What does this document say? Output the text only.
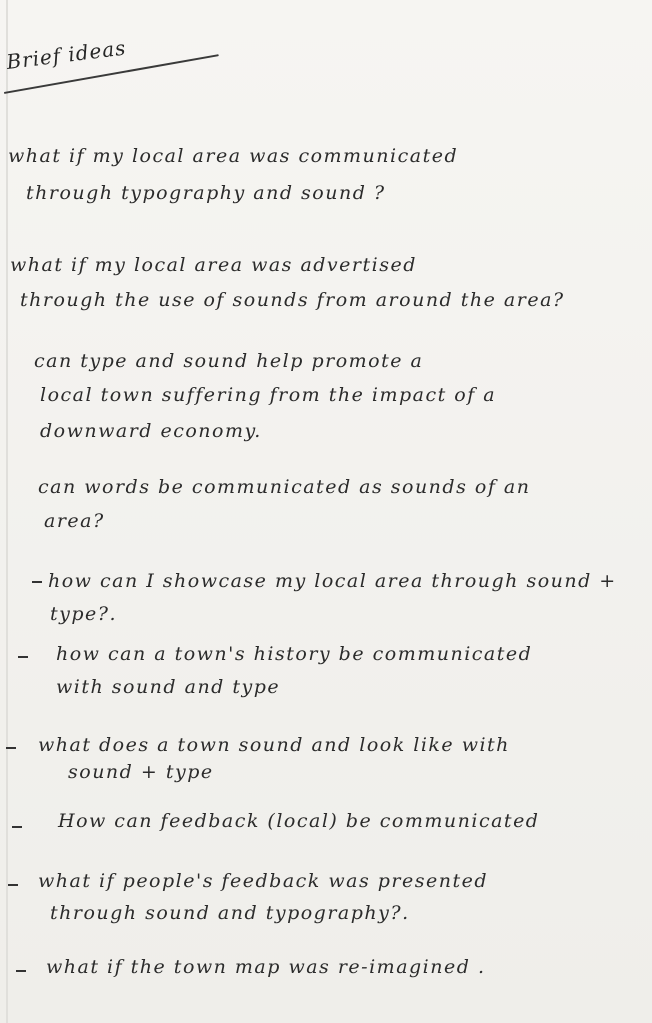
Brief ideas
what if my local area was communicated
through typography and sound ?
what if my local area was advertised
through the use of sounds from around the area?
can type and sound help promote a
local town suffering from the impact of a
downward economy.
can words be communicated as sounds of an
area?
how can I showcase my local area through sound +
type?.
how can a town's history be communicated
with sound and type
what does a town sound and look like with
sound + type
How can feedback (local) be communicated
what if people's feedback was presented
through sound and typography?.
what if the town map was re-imagined .
